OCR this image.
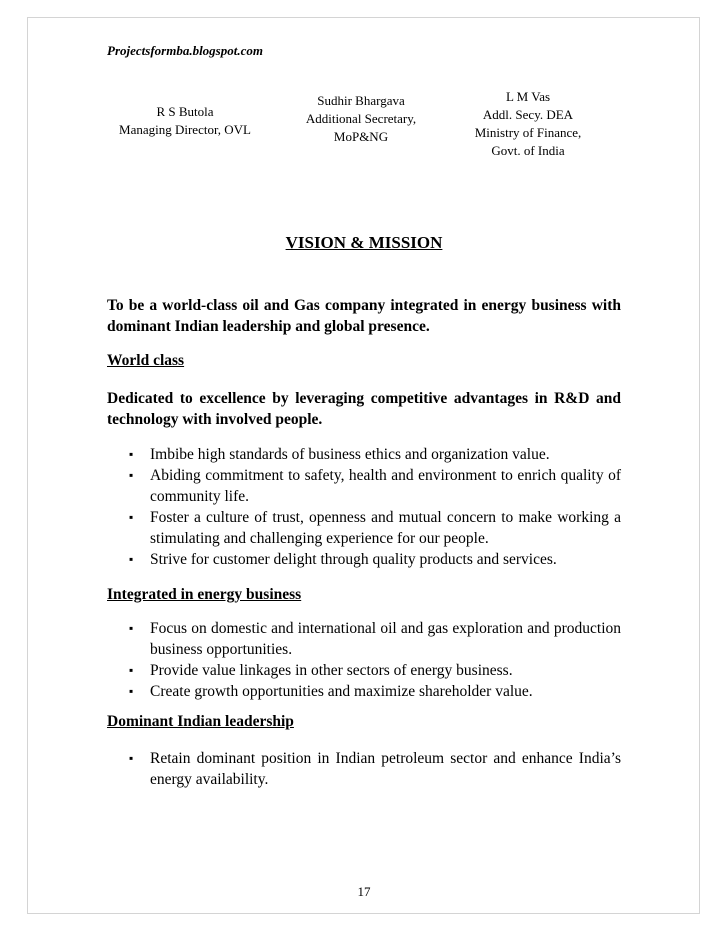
Projectsformba.blogspot.com
R S Butola
Managing Director, OVL
Sudhir Bhargava
Additional Secretary,
MoP&NG
L M Vas
Addl. Secy. DEA
Ministry of Finance,
Govt. of India
VISION & MISSION

To be a world-class oil and Gas company integrated in energy business with dominant Indian leadership and global presence.

World class

Dedicated to excellence by leveraging competitive advantages in R&D and technology with involved people.

▪ Imbibe high standards of business ethics and organization value.
▪ Abiding commitment to safety, health and environment to enrich quality of community life.
▪ Foster a culture of trust, openness and mutual concern to make working a stimulating and challenging experience for our people.
▪ Strive for customer delight through quality products and services.

Integrated in energy business

▪ Focus on domestic and international oil and gas exploration and production business opportunities.
▪ Provide value linkages in other sectors of energy business.
▪ Create growth opportunities and maximize shareholder value.

Dominant Indian leadership

▪ Retain dominant position in Indian petroleum sector and enhance India’s energy availability.
17
